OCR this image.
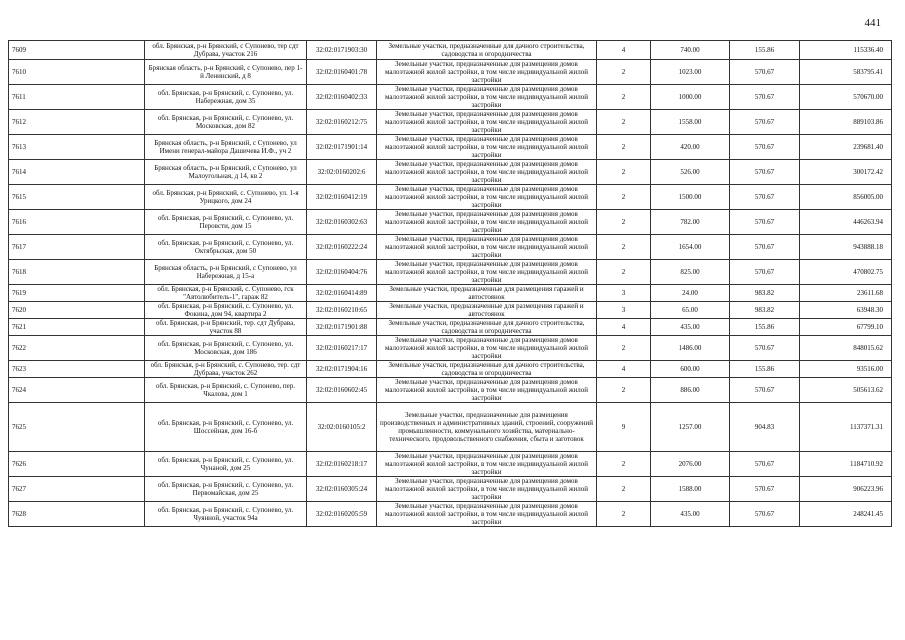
441
7609	обл. Брянская, р-н Брянский, с Супонево, тер сдт Дубрава, участок 216	32:02:0171903:30	Земельные участки, предназначенные для дачного строительства, садоводства и огородничества	4	740.00	155.86	115336.40
7610	Брянская область, р-н Брянский, с Супонево, пер 1-й Ленинский, д 8	32:02:0160401:78	Земельные участки, предназначенные для размещения домов малоэтажной жилой застройки, в том числе индивидуальной жилой застройки	2	1023.00	570.67	583795.41
7611	обл. Брянская, р-н Брянский, с. Супонево, ул. Набережная, дом 35	32:02:0160402:33	Земельные участки, предназначенные для размещения домов малоэтажной жилой застройки, в том числе индивидуальной жилой застройки	2	1000.00	570.67	570670.00
7612	обл. Брянская, р-н Брянский, с. Супонево, ул. Московская, дом 82	32:02:0160212:75	Земельные участки, предназначенные для размещения домов малоэтажной жилой застройки, в том числе индивидуальной жилой застройки	2	1558.00	570.67	889103.86
7613	Брянская область, р-н Брянский, с Супонево, ул Имени генерал-майора Дашичева И.Ф., уч 2	32:02:0171901:14	Земельные участки, предназначенные для размещения домов малоэтажной жилой застройки, в том числе индивидуальной жилой застройки	2	420.00	570.67	239681.40
7614	Брянская область, р-н Брянский, с Супонево, ул Малоугольная, д 14, кв 2	32:02:0160202:6	Земельные участки, предназначенные для размещения домов малоэтажной жилой застройки, в том числе индивидуальной жилой застройки	2	526.00	570.67	300172.42
7615	обл. Брянская, р-н Брянский, с. Супонево, ул. 1-я Урицкого, дом 24	32:02:0160412:19	Земельные участки, предназначенные для размещения домов малоэтажной жилой застройки, в том числе индивидуальной жилой застройки	2	1500.00	570.67	856005.00
7616	обл. Брянская, р-н Брянский, с. Супонево, ул. Перовсти, дом 15	32:02:0160302:63	Земельные участки, предназначенные для размещения домов малоэтажной жилой застройки, в том числе индивидуальной жилой застройки	2	782.00	570.67	446263.94
7617	обл. Брянская, р-н Брянский, с. Супонево, ул. Октябрьская, дом 50	32:02:0160222:24	Земельные участки, предназначенные для размещения домов малоэтажной жилой застройки, в том числе индивидуальной жилой застройки	2	1654.00	570.67	943888.18
7618	Брянская область, р-н Брянский, с Супонево, ул Набережная, д 15-а	32:02:0160404:76	Земельные участки, предназначенные для размещения домов малоэтажной жилой застройки, в том числе индивидуальной жилой застройки	2	825.00	570.67	470802.75
7619	обл. Брянская, р-н Брянский, с. Супонево, гск "Автолюбитель-1", гараж 82	32:02:0160414:89	Земельные участки, предназначенные для размещения гаражей и автостоянок	3	24.00	983.82	23611.68
7620	обл. Брянская, р-н Брянский, с. Супонево, ул. Фокина, дом 94, квартира 2	32:02:0160210:65	Земельные участки, предназначенные для размещения гаражей и автостоянок	3	65.00	983.82	63948.30
7621	обл. Брянская, р-н Брянский, тер. сдт Дубрава, участок 88	32:02:0171901:88	Земельные участки, предназначенные для дачного строительства, садоводства и огородничества	4	435.00	155.86	67799.10
7622	обл. Брянская, р-н Брянский, с. Супонево, ул. Московская, дом 186	32:02:0160217:17	Земельные участки, предназначенные для размещения домов малоэтажной жилой застройки, в том числе индивидуальной жилой застройки	2	1486.00	570.67	848015.62
7623	обл. Брянская, р-н Брянский, с. Супонево, тер. сдт Дубрава, участок 262	32:02:0171904:16	Земельные участки, предназначенные для дачного строительства, садоводства и огородничества	4	600.00	155.86	93516.00
7624	обл. Брянская, р-н Брянский, с. Супонево, пер. Чкалова, дом 1	32:02:0160602:45	Земельные участки, предназначенные для размещения домов малоэтажной жилой застройки, в том числе индивидуальной жилой застройки	2	886.00	570.67	505613.62
7625	обл. Брянская, р-н Брянский, с. Супонево, ул. Шоссейная, дом 16-б	32:02:0160105:2	Земельные участки, предназначенные для размещения производственных и административных зданий, строений, сооружений промышленности, коммунального хозяйства, материально-технического, продовольственного снабжения, сбыта и заготовок	9	1257.00	904.83	1137371.31
7626	обл. Брянская, р-н Брянский, с. Супонево, ул. Чунаной, дом 25	32:02:0160218:17	Земельные участки, предназначенные для размещения домов малоэтажной жилой застройки, в том числе индивидуальной жилой застройки	2	2076.00	570.67	1184710.92
7627	обл. Брянская, р-н Брянский, с. Супонево, ул. Первомайская, дом 25	32:02:0160305:24	Земельные участки, предназначенные для размещения домов малоэтажной жилой застройки, в том числе индивидуальной жилой застройки	2	1588.00	570.67	906223.96
7628	обл. Брянская, р-н Брянский, с. Супонево, ул. Чуянной, участок 94а	32:02:0160205:59	Земельные участки, предназначенные для размещения домов малоэтажной жилой застройки, в том числе индивидуальной жилой застройки	2	435.00	570.67	248241.45
